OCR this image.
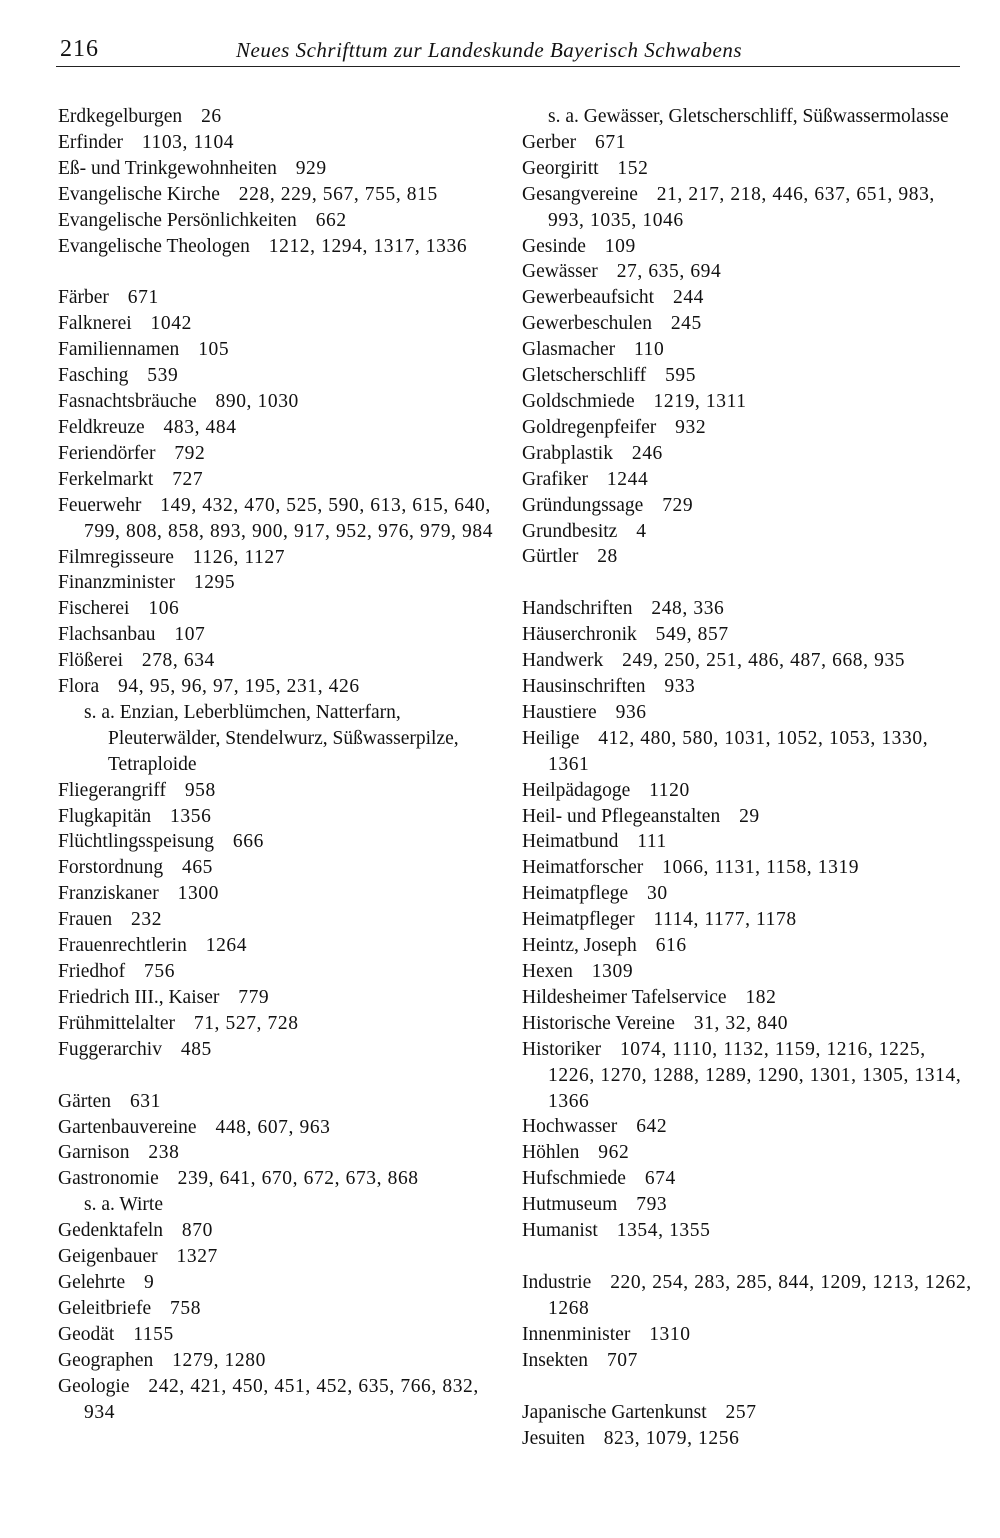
216	Neues Schrifttum zur Landeskunde Bayerisch Schwabens

Erdkegelburgen 26

Erfinder 1103, 1104

Eß- und Trinkgewohnheiten 929

Evangelische Kirche 228, 229, 567, 755, 815

Evangelische Persönlichkeiten 662

Evangelische Theologen 1212, 1294, 1317, 1336

Färber 671

Falknerei 1042

Familiennamen 105

Fasching 539

Fasnachtsbräuche 890, 1030

Feldkreuze 483, 484

Feriendörfer 792

Ferkelmarkt 727

Feuerwehr 149, 432, 470, 525, 590, 613, 615, 640, 799, 808, 858, 893, 900, 917, 952, 976, 979, 984

Filmregisseure 1126, 1127

Finanzminister 1295

Fischerei 106

Flachsanbau 107

Flößerei 278, 634

Flora 94, 95, 96, 97, 195, 231, 426

s. a. Enzian, Leberblümchen, Natterfarn, Pleuterwälder, Stendelwurz, Süßwasserpilze, Tetraploide

Fliegerangriff 958

Flugkapitän 1356

Flüchtlingsspeisung 666

Forstordnung 465

Franziskaner 1300

Frauen 232

Frauenrechtlerin 1264

Friedhof 756

Friedrich III., Kaiser 779

Frühmittelalter 71, 527, 728

Fuggerarchiv 485

Gärten 631

Gartenbauvereine 448, 607, 963

Garnison 238

Gastronomie 239, 641, 670, 672, 673, 868

s. a. Wirte

Gedenktafeln 870

Geigenbauer 1327

Gelehrte 9

Geleitbriefe 758

Geodät 1155

Geographen 1279, 1280

Geologie 242, 421, 450, 451, 452, 635, 766, 832, 934

s. a. Gewässer, Gletscherschliff, Süßwassermolasse

Gerber 671

Georgiritt 152

Gesangvereine 21, 217, 218, 446, 637, 651, 983, 993, 1035, 1046

Gesinde 109

Gewässer 27, 635, 694

Gewerbeaufsicht 244

Gewerbeschulen 245

Glasmacher 110

Gletscherschliff 595

Goldschmiede 1219, 1311

Goldregenpfeifer 932

Grabplastik 246

Grafiker 1244

Gründungssage 729

Grundbesitz 4

Gürtler 28

Handschriften 248, 336

Häuserchronik 549, 857

Handwerk 249, 250, 251, 486, 487, 668, 935

Hausinschriften 933

Haustiere 936

Heilige 412, 480, 580, 1031, 1052, 1053, 1330, 1361

Heilpädagoge 1120

Heil- und Pflegeanstalten 29

Heimatbund 111

Heimatforscher 1066, 1131, 1158, 1319

Heimatpflege 30

Heimatpfleger 1114, 1177, 1178

Heintz, Joseph 616

Hexen 1309

Hildesheimer Tafelservice 182

Historische Vereine 31, 32, 840

Historiker 1074, 1110, 1132, 1159, 1216, 1225, 1226, 1270, 1288, 1289, 1290, 1301, 1305, 1314, 1366

Hochwasser 642

Höhlen 962

Hufschmiede 674

Hutmuseum 793

Humanist 1354, 1355

Industrie 220, 254, 283, 285, 844, 1209, 1213, 1262, 1268

Innenminister 1310

Insekten 707

Japanische Gartenkunst 257

Jesuiten 823, 1079, 1256
